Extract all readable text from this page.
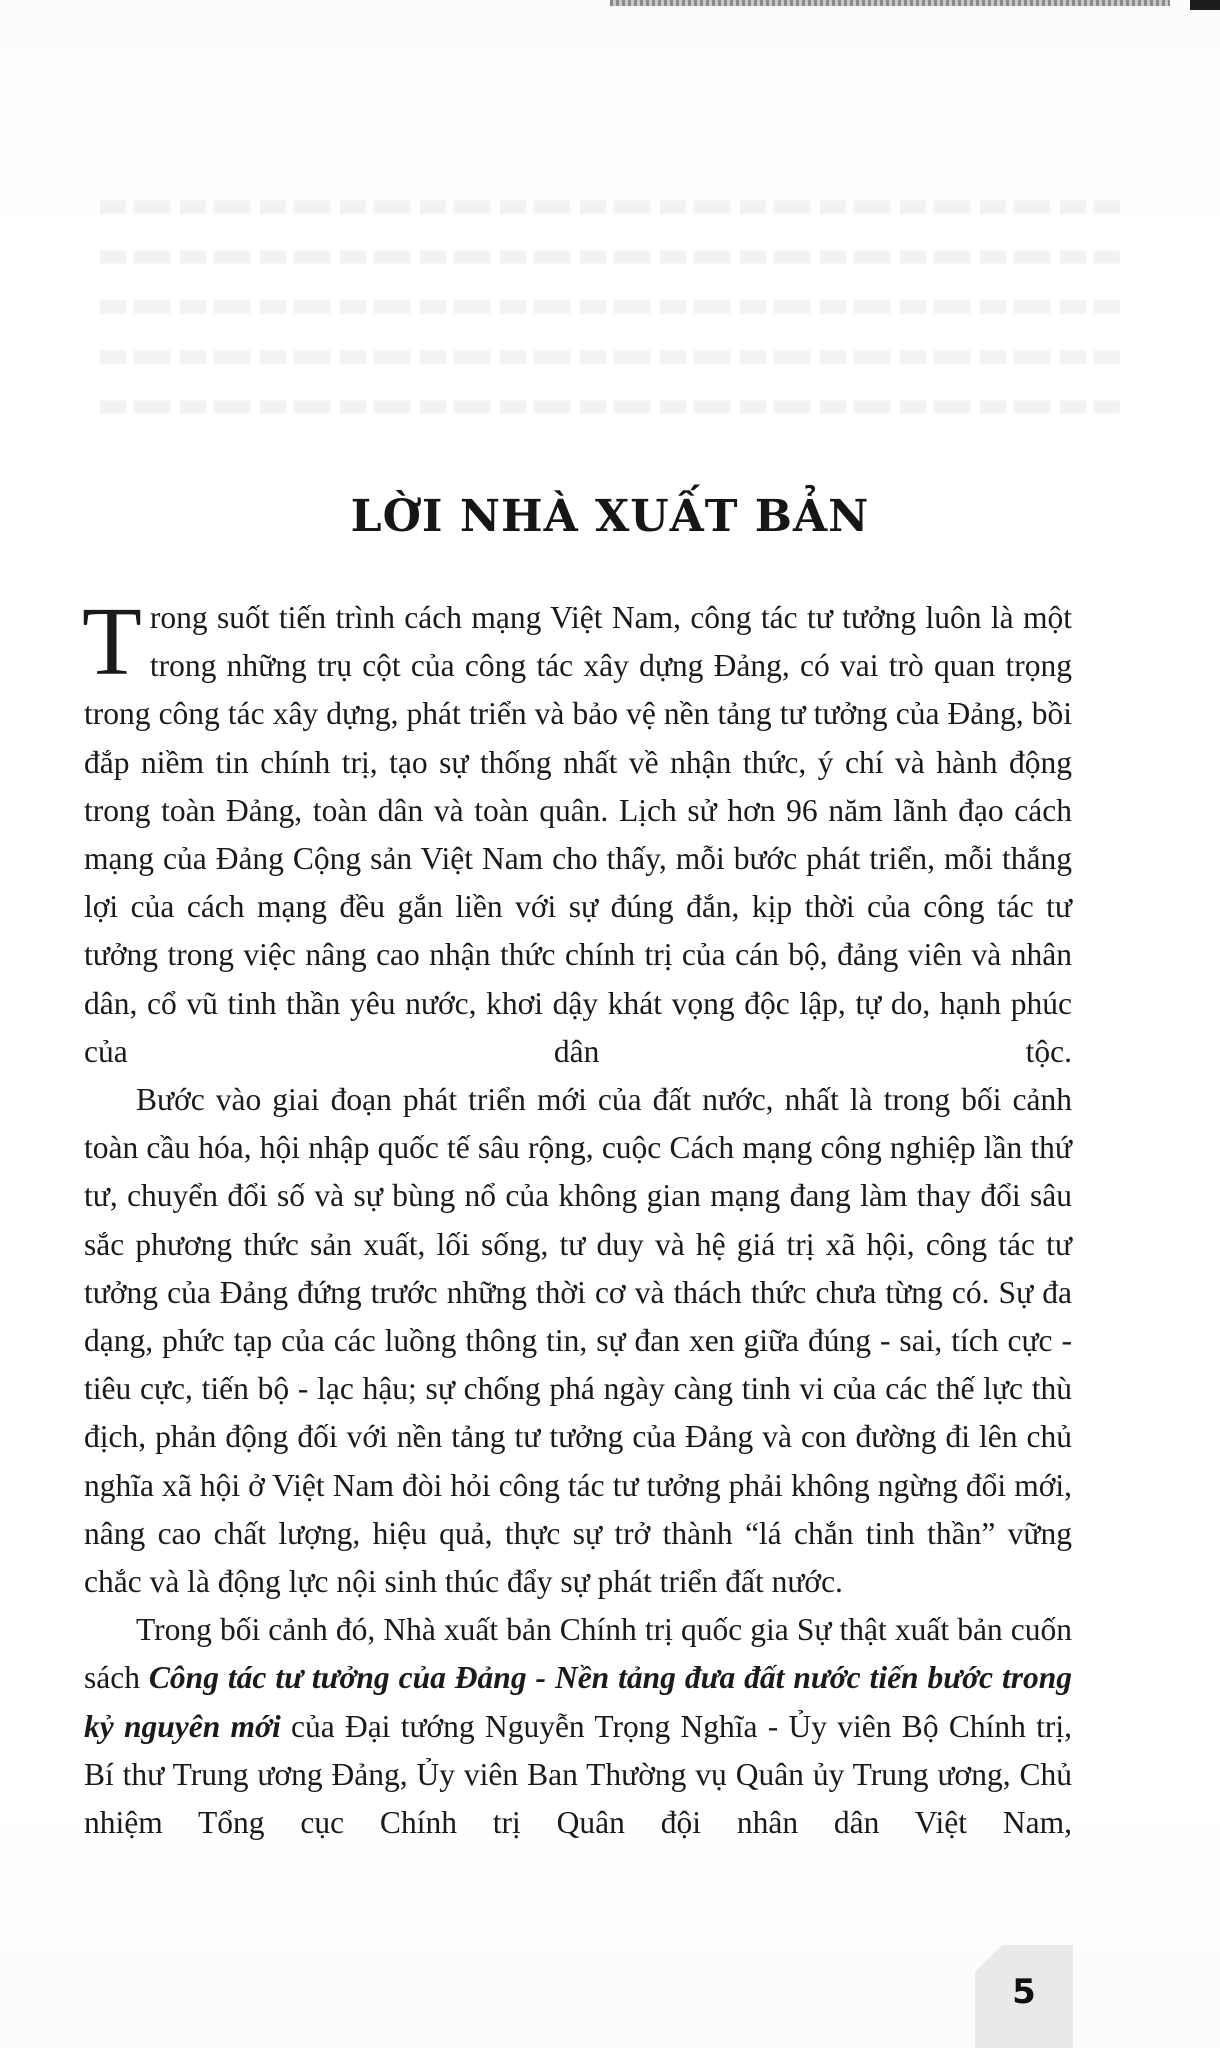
LỜI NHÀ XUẤT BẢN

Trong suốt tiến trình cách mạng Việt Nam, công tác tư tưởng luôn là một trong những trụ cột của công tác xây dựng Đảng, có vai trò quan trọng trong công tác xây dựng, phát triển và bảo vệ nền tảng tư tưởng của Đảng, bồi đắp niềm tin chính trị, tạo sự thống nhất về nhận thức, ý chí và hành động trong toàn Đảng, toàn dân và toàn quân. Lịch sử hơn 96 năm lãnh đạo cách mạng của Đảng Cộng sản Việt Nam cho thấy, mỗi bước phát triển, mỗi thắng lợi của cách mạng đều gắn liền với sự đúng đắn, kịp thời của công tác tư tưởng trong việc nâng cao nhận thức chính trị của cán bộ, đảng viên và nhân dân, cổ vũ tinh thần yêu nước, khơi dậy khát vọng độc lập, tự do, hạnh phúc của dân tộc.

Bước vào giai đoạn phát triển mới của đất nước, nhất là trong bối cảnh toàn cầu hóa, hội nhập quốc tế sâu rộng, cuộc Cách mạng công nghiệp lần thứ tư, chuyển đổi số và sự bùng nổ của không gian mạng đang làm thay đổi sâu sắc phương thức sản xuất, lối sống, tư duy và hệ giá trị xã hội, công tác tư tưởng của Đảng đứng trước những thời cơ và thách thức chưa từng có. Sự đa dạng, phức tạp của các luồng thông tin, sự đan xen giữa đúng - sai, tích cực - tiêu cực, tiến bộ - lạc hậu; sự chống phá ngày càng tinh vi của các thế lực thù địch, phản động đối với nền tảng tư tưởng của Đảng và con đường đi lên chủ nghĩa xã hội ở Việt Nam đòi hỏi công tác tư tưởng phải không ngừng đổi mới, nâng cao chất lượng, hiệu quả, thực sự trở thành “lá chắn tinh thần” vững chắc và là động lực nội sinh thúc đẩy sự phát triển đất nước.

Trong bối cảnh đó, Nhà xuất bản Chính trị quốc gia Sự thật xuất bản cuốn sách Công tác tư tưởng của Đảng - Nền tảng đưa đất nước tiến bước trong kỷ nguyên mới của Đại tướng Nguyễn Trọng Nghĩa - Ủy viên Bộ Chính trị, Bí thư Trung ương Đảng, Ủy viên Ban Thường vụ Quân ủy Trung ương, Chủ nhiệm Tổng cục Chính trị Quân đội nhân dân Việt Nam,

5
